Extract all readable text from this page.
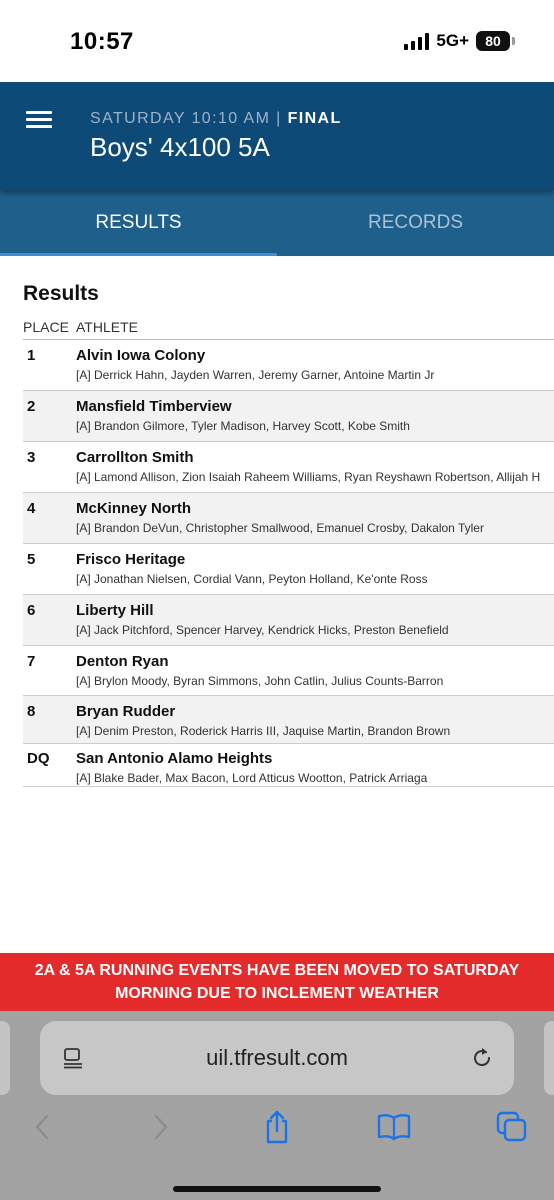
10:57	5G+ 80
SATURDAY 10:10 AM | FINAL
Boys' 4x100 5A
RESULTS	RECORDS
Results
PLACE ATHLETE
1	Alvin Iowa Colony
[A] Derrick Hahn, Jayden Warren, Jeremy Garner, Antoine Martin Jr
2	Mansfield Timberview
[A] Brandon Gilmore, Tyler Madison, Harvey Scott, Kobe Smith
3	Carrollton Smith
[A] Lamond Allison, Zion Isaiah Raheem Williams, Ryan Reyshawn Robertson, Allijah H
4	McKinney North
[A] Brandon DeVun, Christopher Smallwood, Emanuel Crosby, Dakalon Tyler
5	Frisco Heritage
[A] Jonathan Nielsen, Cordial Vann, Peyton Holland, Ke'onte Ross
6	Liberty Hill
[A] Jack Pitchford, Spencer Harvey, Kendrick Hicks, Preston Benefield
7	Denton Ryan
[A] Brylon Moody, Byran Simmons, John Catlin, Julius Counts-Barron
8	Bryan Rudder
[A] Denim Preston, Roderick Harris III, Jaquise Martin, Brandon Brown
DQ	San Antonio Alamo Heights
[A] Blake Bader, Max Bacon, Lord Atticus Wootton, Patrick Arriaga
2A & 5A RUNNING EVENTS HAVE BEEN MOVED TO SATURDAY
MORNING DUE TO INCLEMENT WEATHER
uil.tfresult.com
